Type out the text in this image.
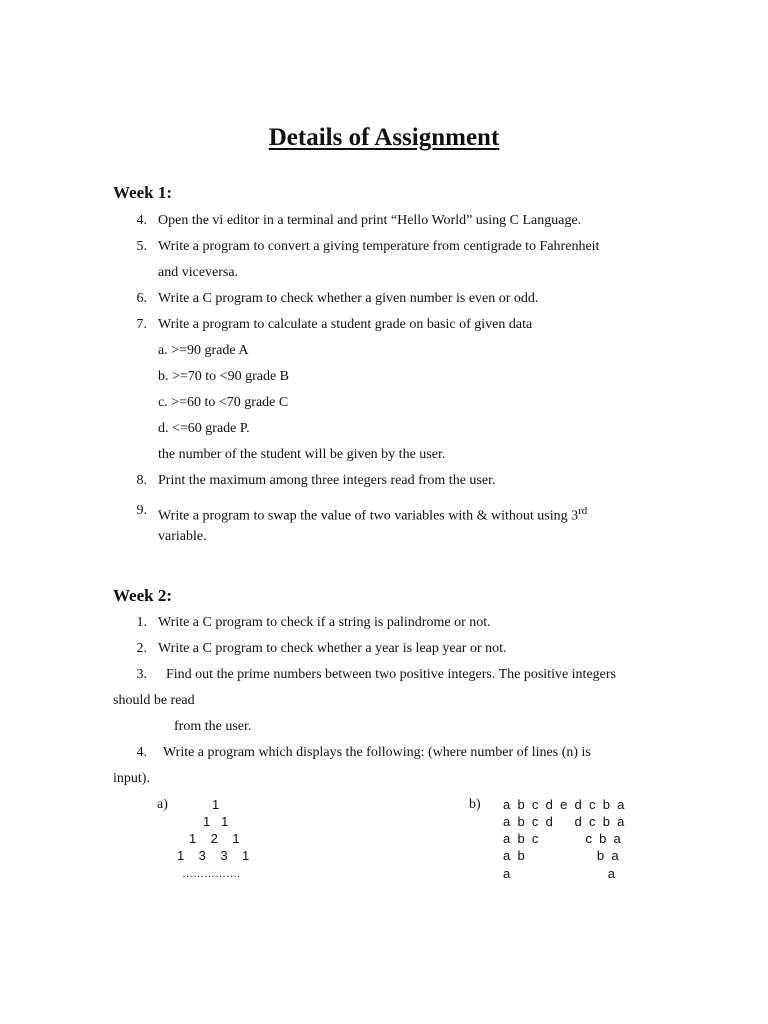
Details of Assignment
Week 1:
4. Open the vi editor in a terminal and print “Hello World” using C Language.
5. Write a program to convert a giving temperature from centigrade to Fahrenheit
and viceversa.
6. Write a C program to check whether a given number is even or odd.
7. Write a program to calculate a student grade on basic of given data
a. >=90 grade A
b. >=70 to <90 grade B
c. >=60 to <70 grade C
d. <=60 grade P.
the number of the student will be given by the user.
8. Print the maximum among three integers read from the user.
9. Write a program to swap the value of two variables with & without using 3rd
variable.
Week 2:
1. Write a C program to check if a string is palindrome or not.
2. Write a C program to check whether a year is leap year or not.
3. Find out the prime numbers between two positive integers. The positive integers
should be read
from the user.
4. Write a program which displays the following: (where number of lines (n) is
input).
a)	1
1   1
1    2    1
1    3    3    1
…………….
b) a  b  c  d  e  d  c  b  a
a  b  c  d      d  c  b  a
a  b  c             c  b  a
a  b                    b  a
a                           a
